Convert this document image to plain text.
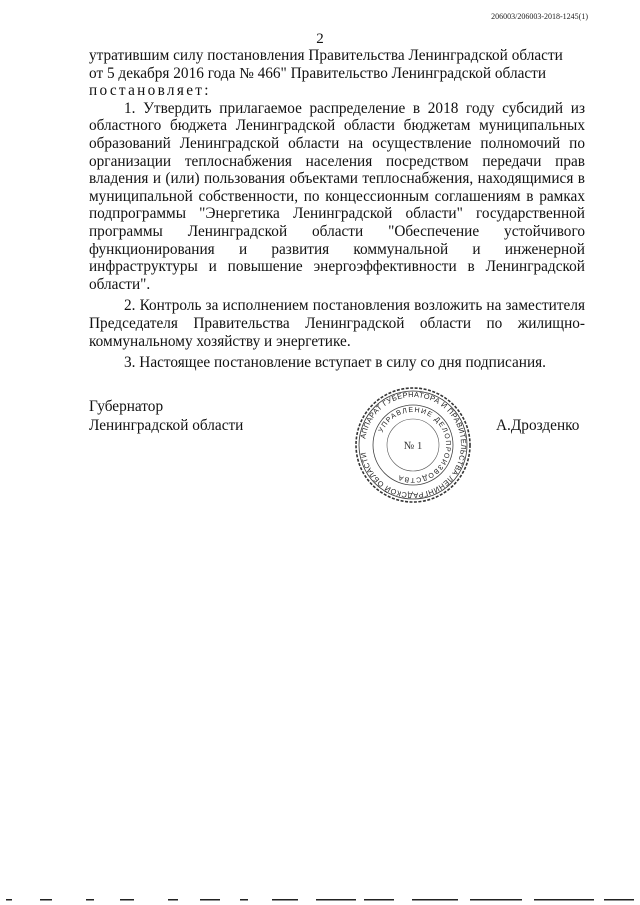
206003/206003-2018-1245(1)
2

утратившим силу постановления Правительства Ленинградской области

от 5 декабря 2016 года № 466" Правительство Ленинградской области

постановляет:

1. Утвердить прилагаемое распределение в 2018 году субсидий из областного бюджета Ленинградской области бюджетам муниципальных образований Ленинградской области на осуществление полномочий по организации теплоснабжения населения посредством передачи прав владения и (или) пользования объектами теплоснабжения, находящимися в муниципальной собственности, по концессионным соглашениям в рамках подпрограммы "Энергетика Ленинградской области" государственной программы Ленинградской области "Обеспечение устойчивого функционирования и развития коммунальной и инженерной инфраструктуры и повышение энергоэффективности в Ленинградской области".

2. Контроль за исполнением постановления возложить на заместителя Председателя Правительства Ленинградской области по жилищно-коммунальному хозяйству и энергетике.

3. Настоящее постановление вступает в силу со дня подписания.

Губернатор
Ленинградской области	А.Дрозденко
АППАРАТ ГУБЕРНАТОРА И ПРАВИТЕЛЬСТВА ЛЕНИНГРАДСКОЙ ОБЛАСТИ
УПРАВЛЕНИЕ ДЕЛОПРОИЗВОДСТВА
№ 1
